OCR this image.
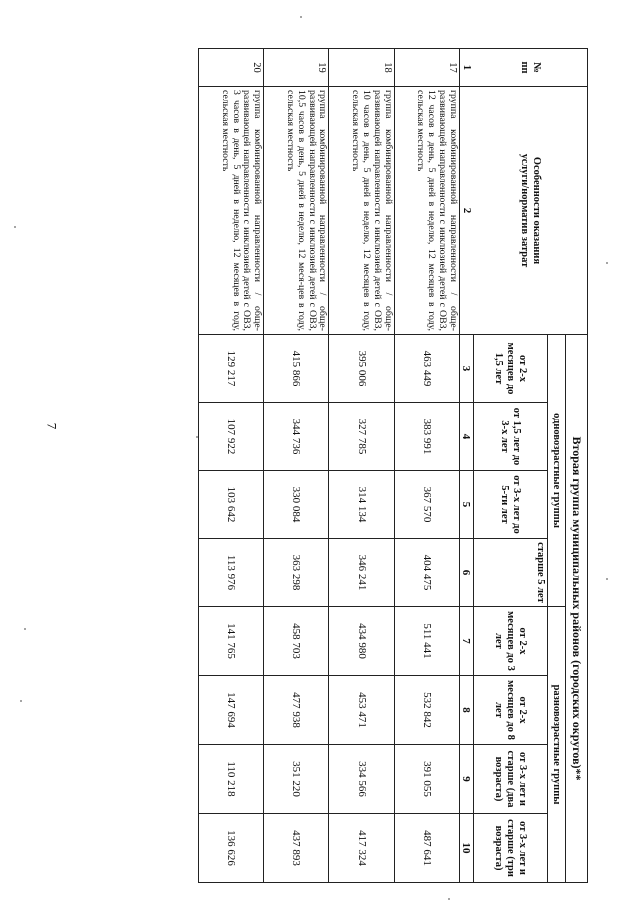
7
№
пп	Особенности оказания
услуги/норматив затрат	Вторая группа муниципальных районов (городских округов)**							
		одновозрастные группы				разновозрастные группы			
		от 2-х месяцев до 1,5 лет	от 1,5 лет до 3-х лет	от 3-х лет до 5-ти лет	старше 5 лет	от 2-х месяцев до 3 лет	от 2-х месяцев до 8 лет	от 3-х лет и старше (два возраста)	от 3-х лет и старше (три возраста)
1	2	3	4	5	6	7	8	9	10
17	группа комбинированной направленности / обще-развивающей направленности с инклюзией детей с ОВЗ, 12 часов в день, 5 дней в неделю, 12 месяцев в году, сельская местность	463 449	383 991	367 570	404 475	511 441	532 842	391 055	487 641
18	группа комбинированной направленности / обще-развивающей направленности с инклюзией детей с ОВЗ, 10 часов в день, 5 дней в неделю, 12 месяцев в году, сельская местность	395 006	327 785	314 134	346 241	434 980	453 471	334 566	417 324
19	группа комбинированной направленности / обще-развивающей направленности с инклюзией детей с ОВЗ, 10,5 часов в день, 5 дней в неделю, 12 меся-цев в году, сельская местность	415 866	344 736	330 084	363 298	458 703	477 938	351 220	437 893
20	группа комбинированной направленности / обще-развивающей направленности с инклюзией детей с ОВЗ, 3 часов в день, 5 дней в неделю, 12 месяцев в году, сельская местность	129 217	107 922	103 642	113 976	141 765	147 694	110 218	136 626
